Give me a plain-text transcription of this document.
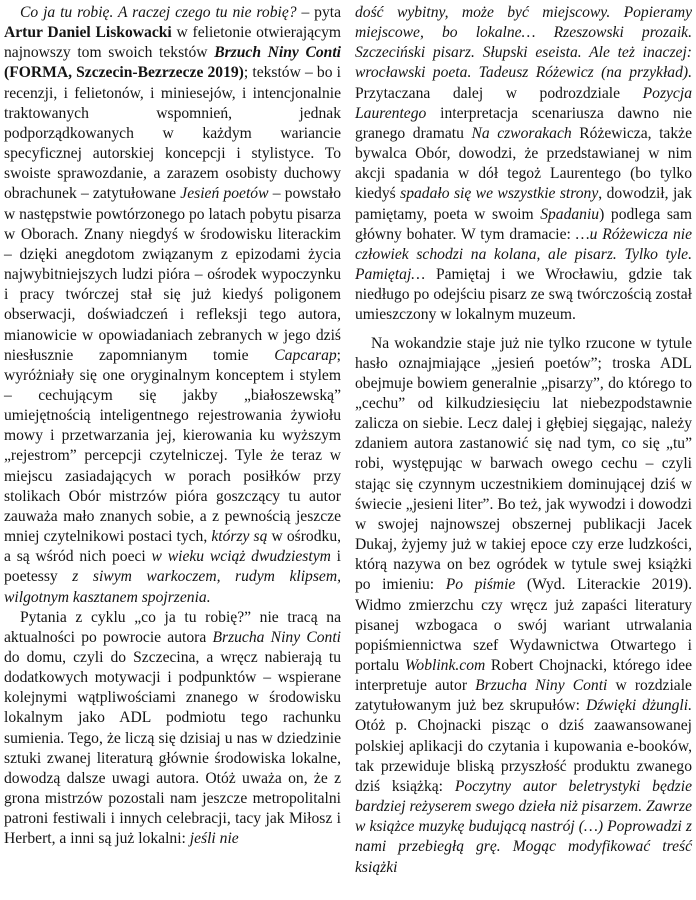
Co ja tu robię. A raczej czego tu nie robię? – pyta Artur Daniel Liskowacki w felietonie otwierającym najnowszy tom swoich tekstów Brzuch Niny Conti (FORMA, Szczecin-Bezrzecze 2019); tekstów – bo i recenzji, i felietonów, i miniesejów, i intencjonalnie traktowanych wspomnień, jednak podporządkowanych w każdym wariancie specyficznej autorskiej koncepcji i stylistyce. To swoiste sprawozdanie, a zarazem osobisty duchowy obrachunek – zatytułowane Jesień poetów – powstało w następstwie powtórzonego po latach pobytu pisarza w Oborach. Znany niegdyś w środowisku literackim – dzięki anegdotom związanym z epizodami życia najwybitniejszych ludzi pióra – ośrodek wypoczynku i pracy twórczej stał się już kiedyś poligonem obserwacji, doświadczeń i refleksji tego autora, mianowicie w opowiadaniach zebranych w jego dziś niesłusznie zapomnianym tomie Capcarap; wyróżniały się one oryginalnym konceptem i stylem – cechującym się jakby „białoszewską” umiejętnością inteligentnego rejestrowania żywiołu mowy i przetwarzania jej, kierowania ku wyższym „rejestrom” percepcji czytelniczej. Tyle że teraz w miejscu zasiadających w porach posiłków przy stolikach Obór mistrzów pióra goszczący tu autor zauważa mało znanych sobie, a z pewnością jeszcze mniej czytelnikowi postaci tych, którzy są w ośrodku, a są wśród nich poeci w wieku wciąż dwudziestym i poetessy z siwym warkoczem, rudym klipsem, wilgotnym kasztanem spojrzenia.

Pytania z cyklu „co ja tu robię?” nie tracą na aktualności po powrocie autora Brzucha Niny Conti do domu, czyli do Szczecina, a wręcz nabierają tu dodatkowych motywacji i podpunktów – wspierane kolejnymi wątpliwościami znanego w środowisku lokalnym jako ADL podmiotu tego rachunku sumienia. Tego, że liczą się dzisiaj u nas w dziedzinie sztuki zwanej literaturą głównie środowiska lokalne, dowodzą dalsze uwagi autora. Otóż uważa on, że z grona mistrzów pozostali nam jeszcze metropolitalni patroni festiwali i innych celebracji, tacy jak Miłosz i Herbert, a inni są już lokalni: jeśli nie

dość wybitny, może być miejscowy. Popieramy miejscowe, bo lokalne… Rzeszowski prozaik. Szczeciński pisarz. Słupski eseista. Ale też inaczej: wrocławski poeta. Tadeusz Różewicz (na przykład). Przytaczana dalej w podrozdziale Pozycja Laurentego interpretacja scenariusza dawno nie granego dramatu Na czworakach Różewicza, także bywalca Obór, dowodzi, że przedstawianej w nim akcji spadania w dół tegoż Laurentego (bo tylko kiedyś spadało się we wszystkie strony, dowodził, jak pamiętamy, poeta w swoim Spadaniu) podlega sam główny bohater. W tym dramacie: …u Różewicza nie człowiek schodzi na kolana, ale pisarz. Tylko tyle. Pamiętaj… Pamiętaj i we Wrocławiu, gdzie tak niedługo po odejściu pisarz ze swą twórczością został umieszczony w lokalnym muzeum.

Na wokandzie staje już nie tylko rzucone w tytule hasło oznajmiające „jesień poetów”; troska ADL obejmuje bowiem generalnie „pisarzy”, do którego to „cechu” od kilkudziesięciu lat niebezpodstawnie zalicza on siebie. Lecz dalej i głębiej sięgając, należy zdaniem autora zastanowić się nad tym, co się „tu” robi, występując w barwach owego cechu – czyli stając się czynnym uczestnikiem dominującej dziś w świecie „jesieni liter”. Bo też, jak wywodzi i dowodzi w swojej najnowszej obszernej publikacji Jacek Dukaj, żyjemy już w takiej epoce czy erze ludzkości, którą nazywa on bez ogródek w tytule swej książki po imieniu: Po piśmie (Wyd. Literackie 2019). Widmo zmierzchu czy wręcz już zapaści literatury pisanej wzbogaca o swój wariant utrwalania popiśmiennictwa szef Wydawnictwa Otwartego i portalu Woblink.com Robert Chojnacki, którego idee interpretuje autor Brzucha Niny Conti w rozdziale zatytułowanym już bez skrupułów: Dźwięki dżungli. Otóż p. Chojnacki pisząc o dziś zaawansowanej polskiej aplikacji do czytania i kupowania e-booków, tak przewiduje bliską przyszłość produktu zwanego dziś książką: Poczytny autor beletrystyki będzie bardziej reżyserem swego dzieła niż pisarzem. Zawrze w książce muzykę budującą nastrój (…) Poprowadzi z nami przebiegłą grę. Mogąc modyfikować treść książki
